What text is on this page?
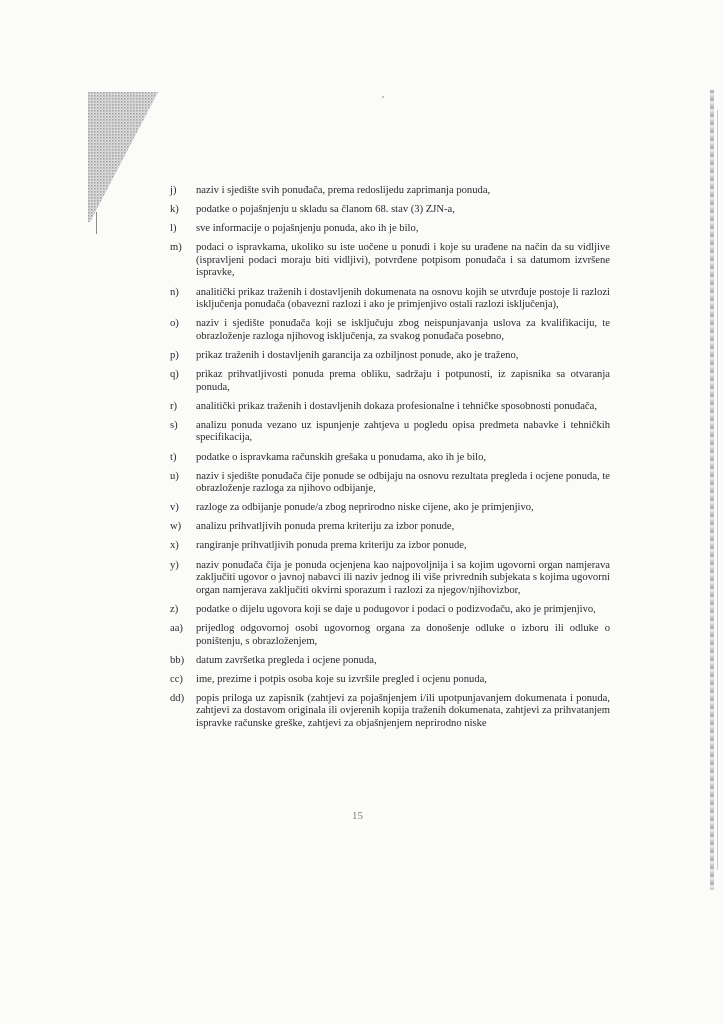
j)	naziv i sjedište svih ponuđača, prema redoslijedu zaprimanja ponuda,
k)	podatke o pojašnjenju u skladu sa članom 68. stav (3) ZJN-a,
l)	sve informacije o pojašnjenju ponuda, ako ih je bilo,
m)	podaci o ispravkama, ukoliko su iste uočene u ponudi i koje su urađene na način da su vidljive (ispravljeni podaci moraju biti vidljivi), potvrđene potpisom ponuđača i sa datumom izvršene ispravke,
n)	analitički prikaz traženih i dostavljenih dokumenata na osnovu kojih se utvrđuje postoje li razlozi isključenja ponuđača (obavezni razlozi i ako je primjenjivo ostali razlozi isključenja),
o)	naziv i sjedište ponuđača koji se isključuju zbog neispunjavanja uslova za kvalifikaciju, te obrazloženje razloga njihovog isključenja, za svakog ponuđača posebno,
p)	prikaz traženih i dostavljenih garancija za ozbiljnost ponude, ako je traženo,
q)	prikaz prihvatljivosti ponuda prema obliku, sadržaju i potpunosti, iz zapisnika sa otvaranja ponuda,
r)	analitički prikaz traženih i dostavljenih dokaza profesionalne i tehničke sposobnosti ponuđača,
s)	analizu ponuda vezano uz ispunjenje zahtjeva u pogledu opisa predmeta nabavke i tehničkih specifikacija,
t)	podatke o ispravkama računskih grešaka u ponudama, ako ih je bilo,
u)	naziv i sjedište ponuđača čije ponude se odbijaju na osnovu rezultata pregleda i ocjene ponuda, te obrazloženje razloga za njihovo odbijanje,
v)	razloge za odbijanje ponude/a zbog neprirodno niske cijene, ako je primjenjivo,
w)	analizu prihvatljivih ponuda prema kriteriju za izbor ponude,
x)	rangiranje prihvatljivih ponuda prema kriteriju za izbor ponude,
y)	naziv ponuđača čija je ponuda ocjenjena kao najpovoljnija i sa kojim ugovorni organ namjerava zaključiti ugovor o javnoj nabavci ili naziv jednog ili više privrednih subjekata s kojima ugovorni organ namjerava zaključiti okvirni sporazum i razlozi za njegov/njihovizbor,
z)	podatke o dijelu ugovora koji se daje u podugovor i podaci o podizvođaču, ako je primjenjivo,
aa)	prijedlog odgovornoj osobi ugovornog organa za donošenje odluke o izboru ili odluke o poništenju, s obrazloženjem,
bb)	datum završetka pregleda i ocjene ponuda,
cc)	ime, prezime i potpis osoba koje su izvršile pregled i ocjenu ponuda,
dd)	popis priloga uz zapisnik (zahtjevi za pojašnjenjem i/ili upotpunjavanjem dokumenata i ponuda, zahtjevi za dostavom originala ili ovjerenih kopija traženih dokumenata, zahtjevi za prihvatanjem ispravke računske greške, zahtjevi za objašnjenjem neprirodno niske
15
